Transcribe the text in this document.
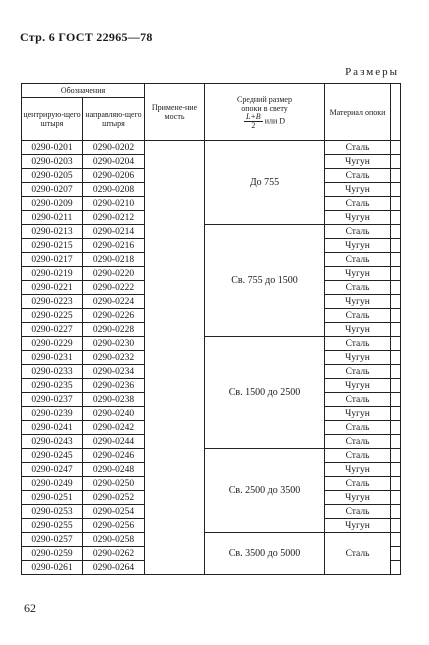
Стр. 6 ГОСТ 22965—78
Размеры
Обозначения		Примене-ние мость	Средний размер
опоки в свету
$\frac{L+B}{2}$ или D	Материал опоки	
центрирую-щего штыря	направляю-щего штыря				
0290-0201	0290-0202		До 755	Сталь	
0290-0203	0290-0204			Чугун	
0290-0205	0290-0206			Сталь	
0290-0207	0290-0208			Чугун	
0290-0209	0290-0210			Сталь	
0290-0211	0290-0212			Чугун	
0290-0213	0290-0214		Св. 755 до 1500	Сталь	
0290-0215	0290-0216			Чугун	
0290-0217	0290-0218			Сталь	
0290-0219	0290-0220			Чугун	
0290-0221	0290-0222			Сталь	
0290-0223	0290-0224			Чугун	
0290-0225	0290-0226			Сталь	
0290-0227	0290-0228			Чугун	
0290-0229	0290-0230		Св. 1500 до 2500	Сталь	
0290-0231	0290-0232			Чугун	
0290-0233	0290-0234			Сталь	
0290-0235	0290-0236			Чугун	
0290-0237	0290-0238			Сталь	
0290-0239	0290-0240			Чугун	
0290-0241	0290-0242			Сталь	
0290-0243	0290-0244			Сталь	
0290-0245	0290-0246		Св. 2500 до 3500	Сталь	
0290-0247	0290-0248			Чугун	
0290-0249	0290-0250			Сталь	
0290-0251	0290-0252			Чугун	
0290-0253	0290-0254			Сталь	
0290-0255	0290-0256			Чугун	
0290-0257	0290-0258		Св. 3500 до 5000	Сталь	
0290-0259	0290-0262				
0290-0261	0290-0264				
62
